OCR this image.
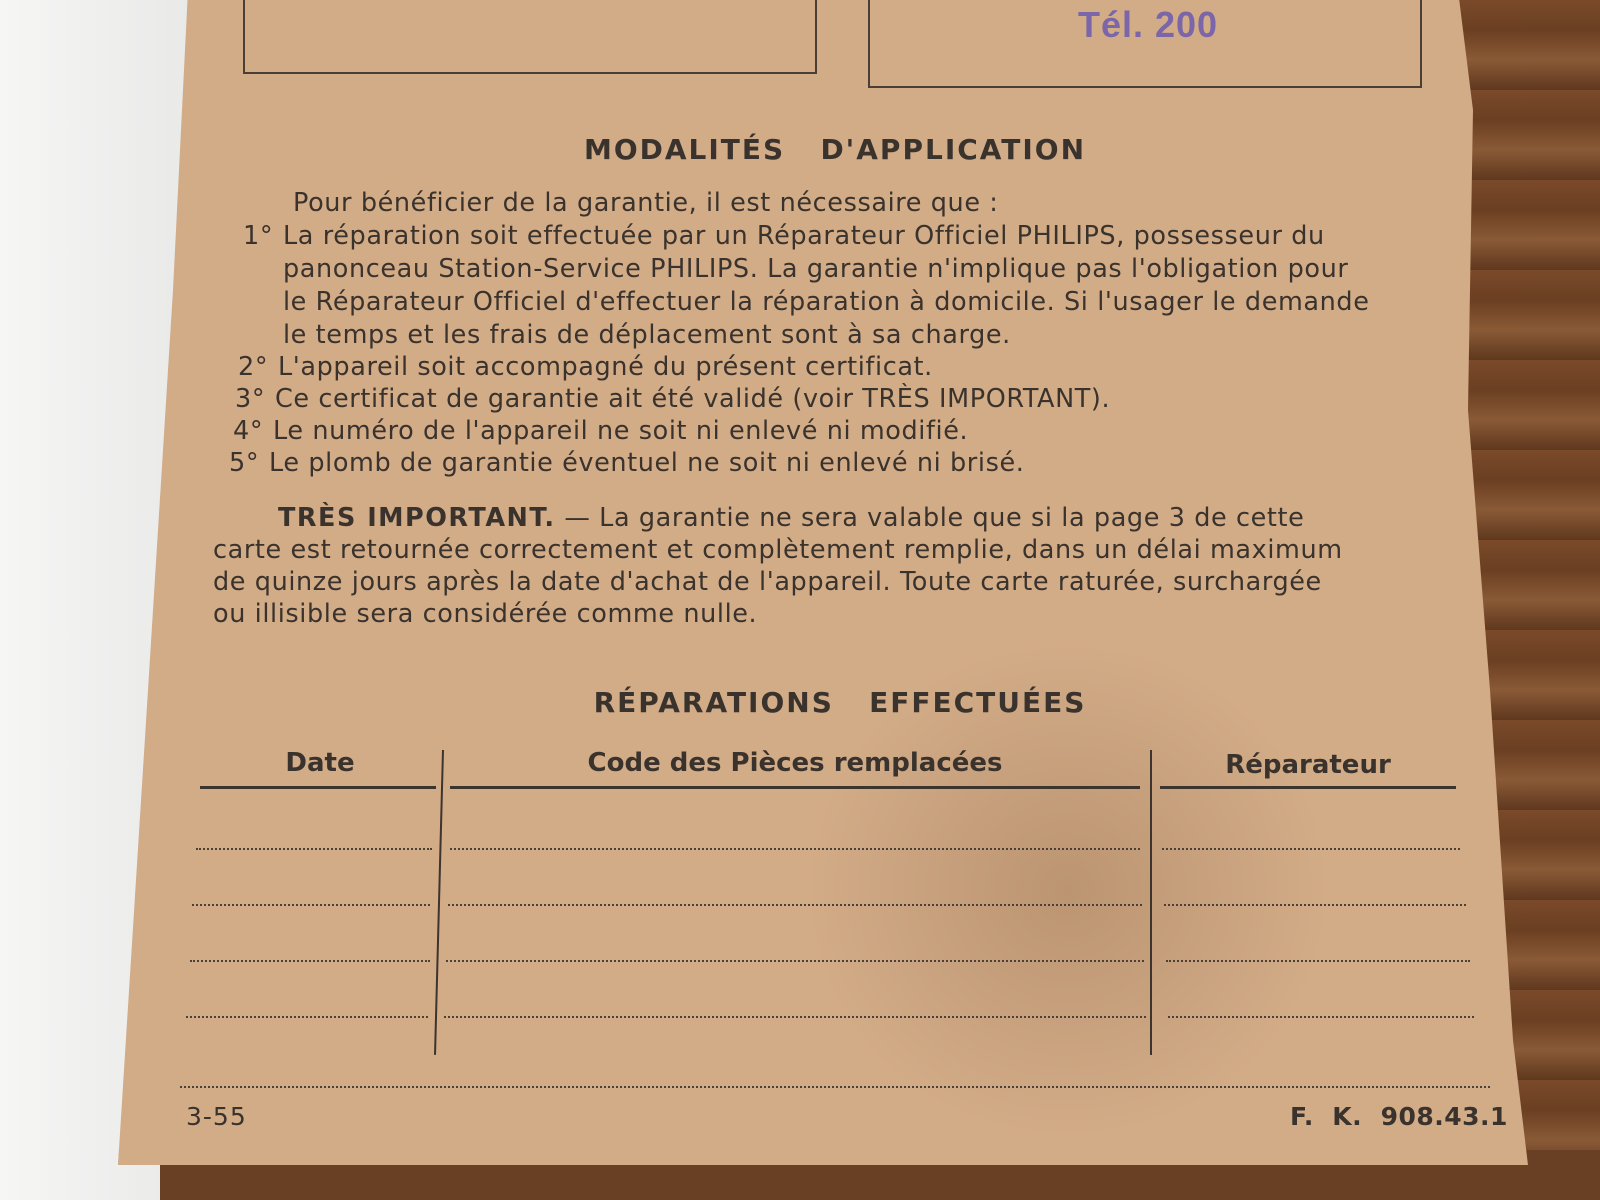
Tél. 200
MODALITÉS   D'APPLICATION
Pour bénéficier de la garantie, il est nécessaire que :
1° La réparation soit effectuée par un Réparateur Officiel PHILIPS, possesseur du
panonceau Station-Service PHILIPS. La garantie n'implique pas l'obligation pour
le Réparateur Officiel d'effectuer la réparation à domicile. Si l'usager le demande
le temps et les frais de déplacement sont à sa charge.
2° L'appareil soit accompagné du présent certificat.
3° Ce certificat de garantie ait été validé (voir TRÈS IMPORTANT).
4° Le numéro de l'appareil ne soit ni enlevé ni modifié.
5° Le plomb de garantie éventuel ne soit ni enlevé ni brisé.
TRÈS IMPORTANT. — La garantie ne sera valable que si la page 3 de cette
carte est retournée correctement et complètement remplie, dans un délai maximum
de quinze jours après la date d'achat de l'appareil. Toute carte raturée, surchargée
ou illisible sera considérée comme nulle.
RÉPARATIONS   EFFECTUÉES
Date	Code des Pièces remplacées	Réparateur
3-55	F.  K.  908.43.1
